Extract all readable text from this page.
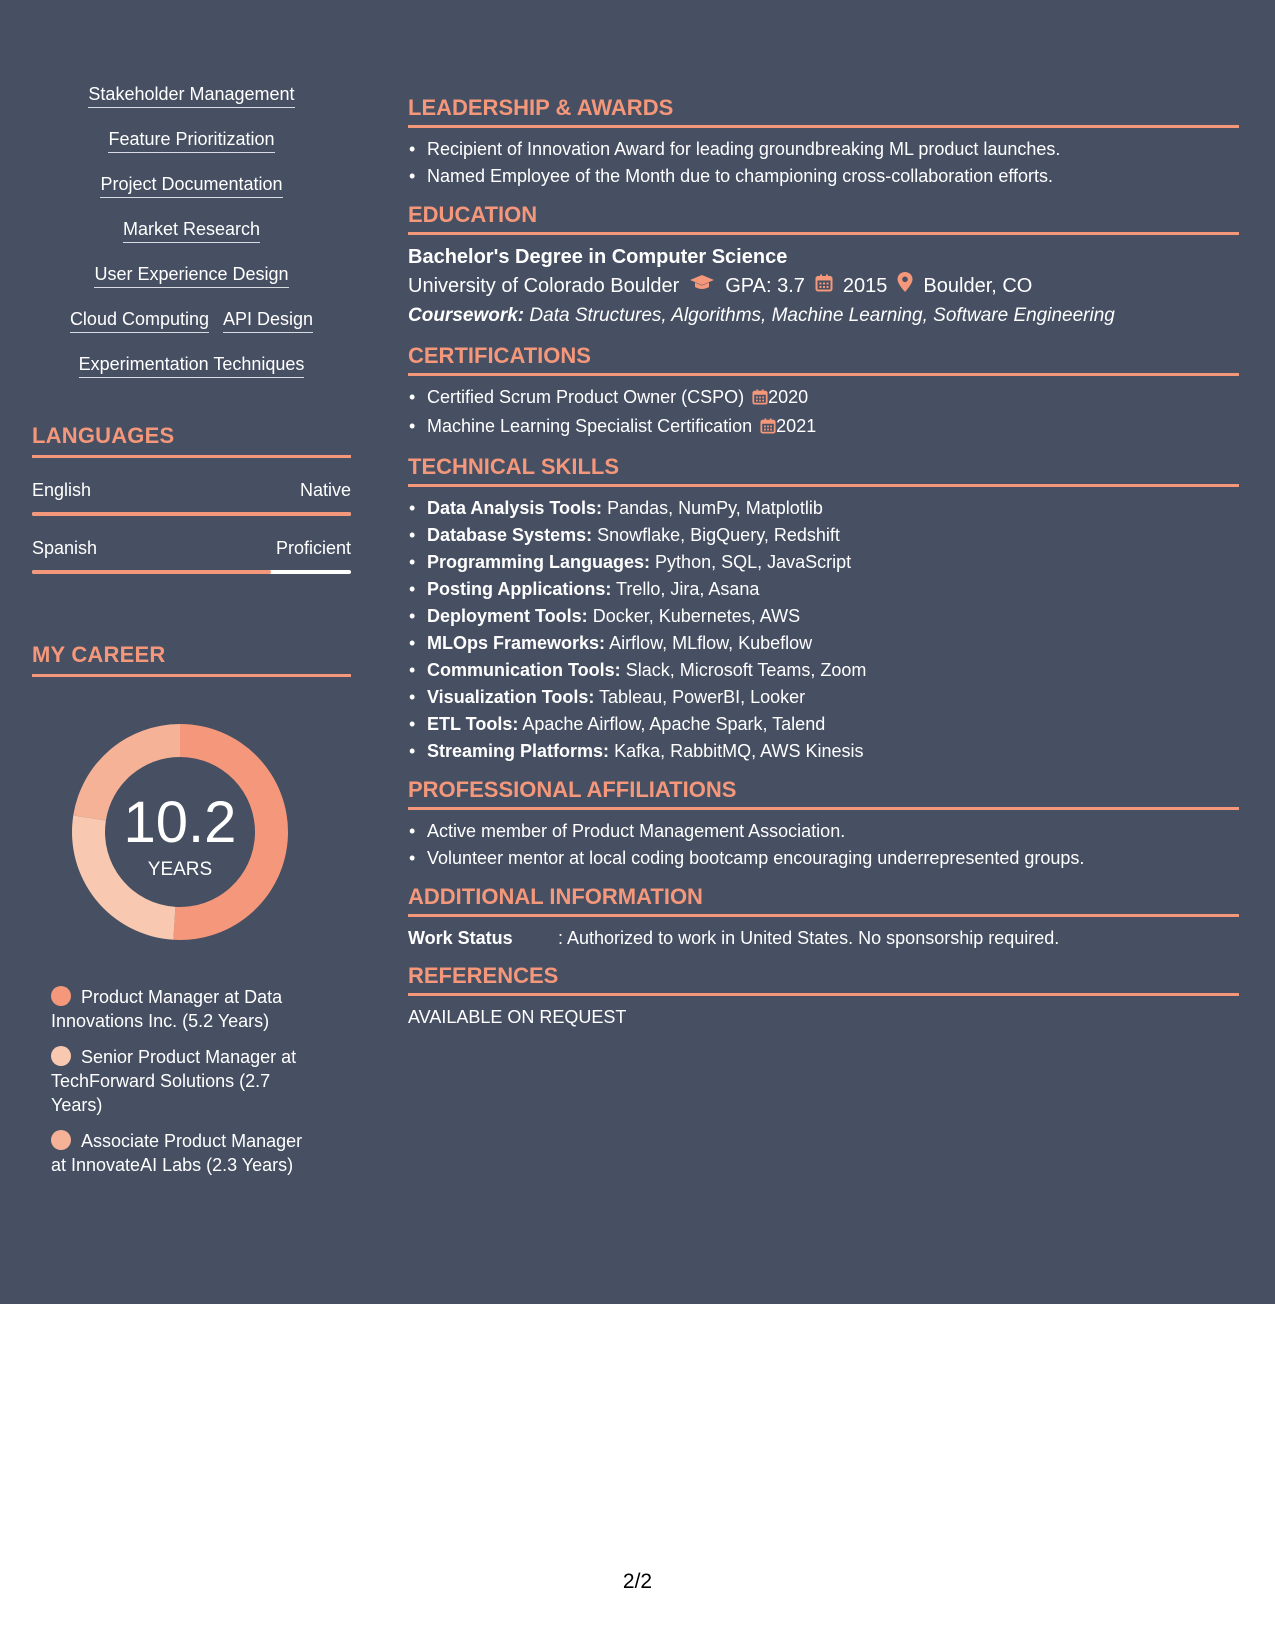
Stakeholder Management
Feature Prioritization
Project Documentation
Market Research
User Experience Design
Cloud Computing API Design
Experimentation Techniques
LANGUAGES
English	Native
Spanish	Proficient
MY CAREER
10.2
YEARS
Product Manager at Data Innovations Inc. (5.2 Years)
Senior Product Manager at TechForward Solutions (2.7 Years)
Associate Product Manager at InnovateAI Labs (2.3 Years)
LEADERSHIP & AWARDS
• Recipient of Innovation Award for leading groundbreaking ML product launches.
• Named Employee of the Month due to championing cross-collaboration efforts.
EDUCATION
Bachelor's Degree in Computer Science
University of Colorado Boulder GPA: 3.7 2015 Boulder, CO
Coursework: Data Structures, Algorithms, Machine Learning, Software Engineering
CERTIFICATIONS
• Certified Scrum Product Owner (CSPO) 2020
• Machine Learning Specialist Certification 2021
TECHNICAL SKILLS
• Data Analysis Tools: Pandas, NumPy, Matplotlib
• Database Systems: Snowflake, BigQuery, Redshift
• Programming Languages: Python, SQL, JavaScript
• Posting Applications: Trello, Jira, Asana
• Deployment Tools: Docker, Kubernetes, AWS
• MLOps Frameworks: Airflow, MLflow, Kubeflow
• Communication Tools: Slack, Microsoft Teams, Zoom
• Visualization Tools: Tableau, PowerBI, Looker
• ETL Tools: Apache Airflow, Apache Spark, Talend
• Streaming Platforms: Kafka, RabbitMQ, AWS Kinesis
PROFESSIONAL AFFILIATIONS
• Active member of Product Management Association.
• Volunteer mentor at local coding bootcamp encouraging underrepresented groups.
ADDITIONAL INFORMATION
Work Status	: Authorized to work in United States. No sponsorship required.
REFERENCES
AVAILABLE ON REQUEST
2/2
